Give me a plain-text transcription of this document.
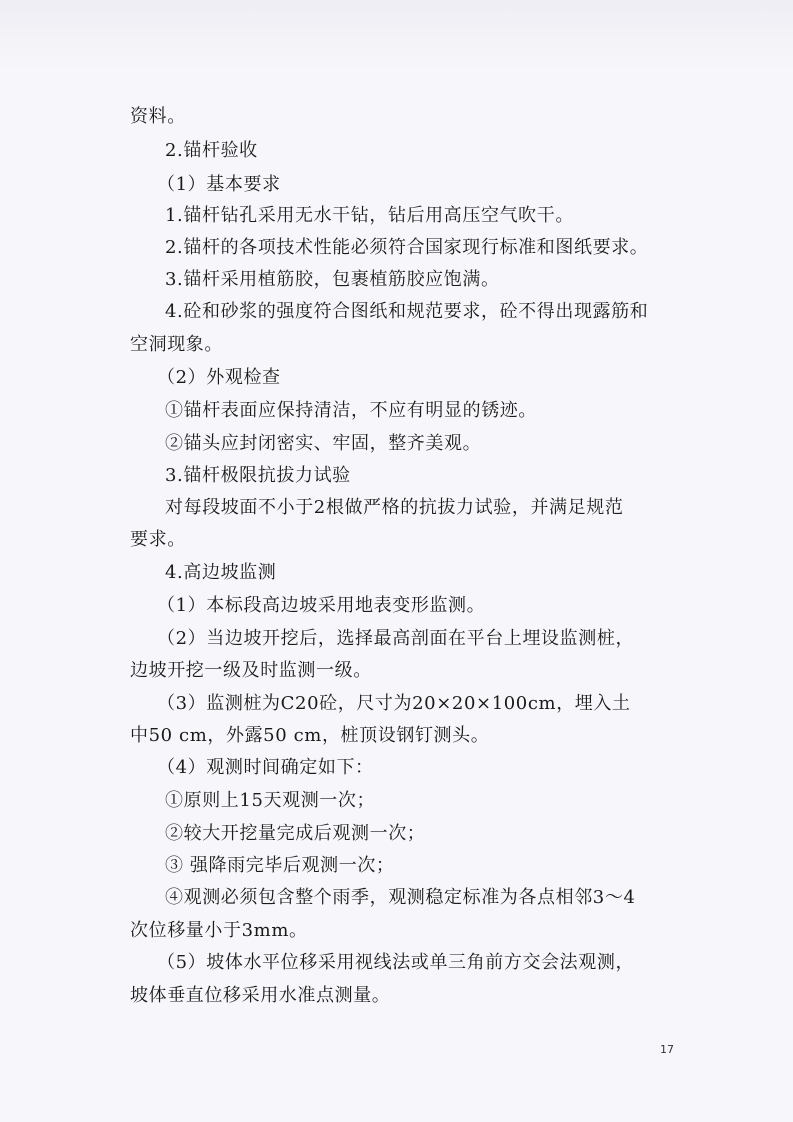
资料。
2.锚杆验收
（1）基本要求
1.锚杆钻孔采用无水干钻，钻后用高压空气吹干。
2.锚杆的各项技术性能必须符合国家现行标准和图纸要求。
3.锚杆采用植筋胶，包裹植筋胶应饱满。
4.砼和砂浆的强度符合图纸和规范要求，砼不得出现露筋和
空洞现象。
（2）外观检查
①锚杆表面应保持清洁，不应有明显的锈迹。
②锚头应封闭密实、牢固，整齐美观。
3.锚杆极限抗拔力试验
对每段坡面不小于2根做严格的抗拔力试验，并满足规范
要求。
4.高边坡监测
（1）本标段高边坡采用地表变形监测。
（2）当边坡开挖后，选择最高剖面在平台上埋设监测桩，
边坡开挖一级及时监测一级。
（3）监测桩为C20砼，尺寸为20×20×100cm，埋入土
中50 cm，外露50 cm，桩顶设钢钉测头。
（4）观测时间确定如下：
①原则上15天观测一次；
②较大开挖量完成后观测一次；
③ 强降雨完毕后观测一次；
④观测必须包含整个雨季，观测稳定标准为各点相邻3～4
次位移量小于3mm。
（5）坡体水平位移采用视线法或单三角前方交会法观测，
坡体垂直位移采用水准点测量。
17
